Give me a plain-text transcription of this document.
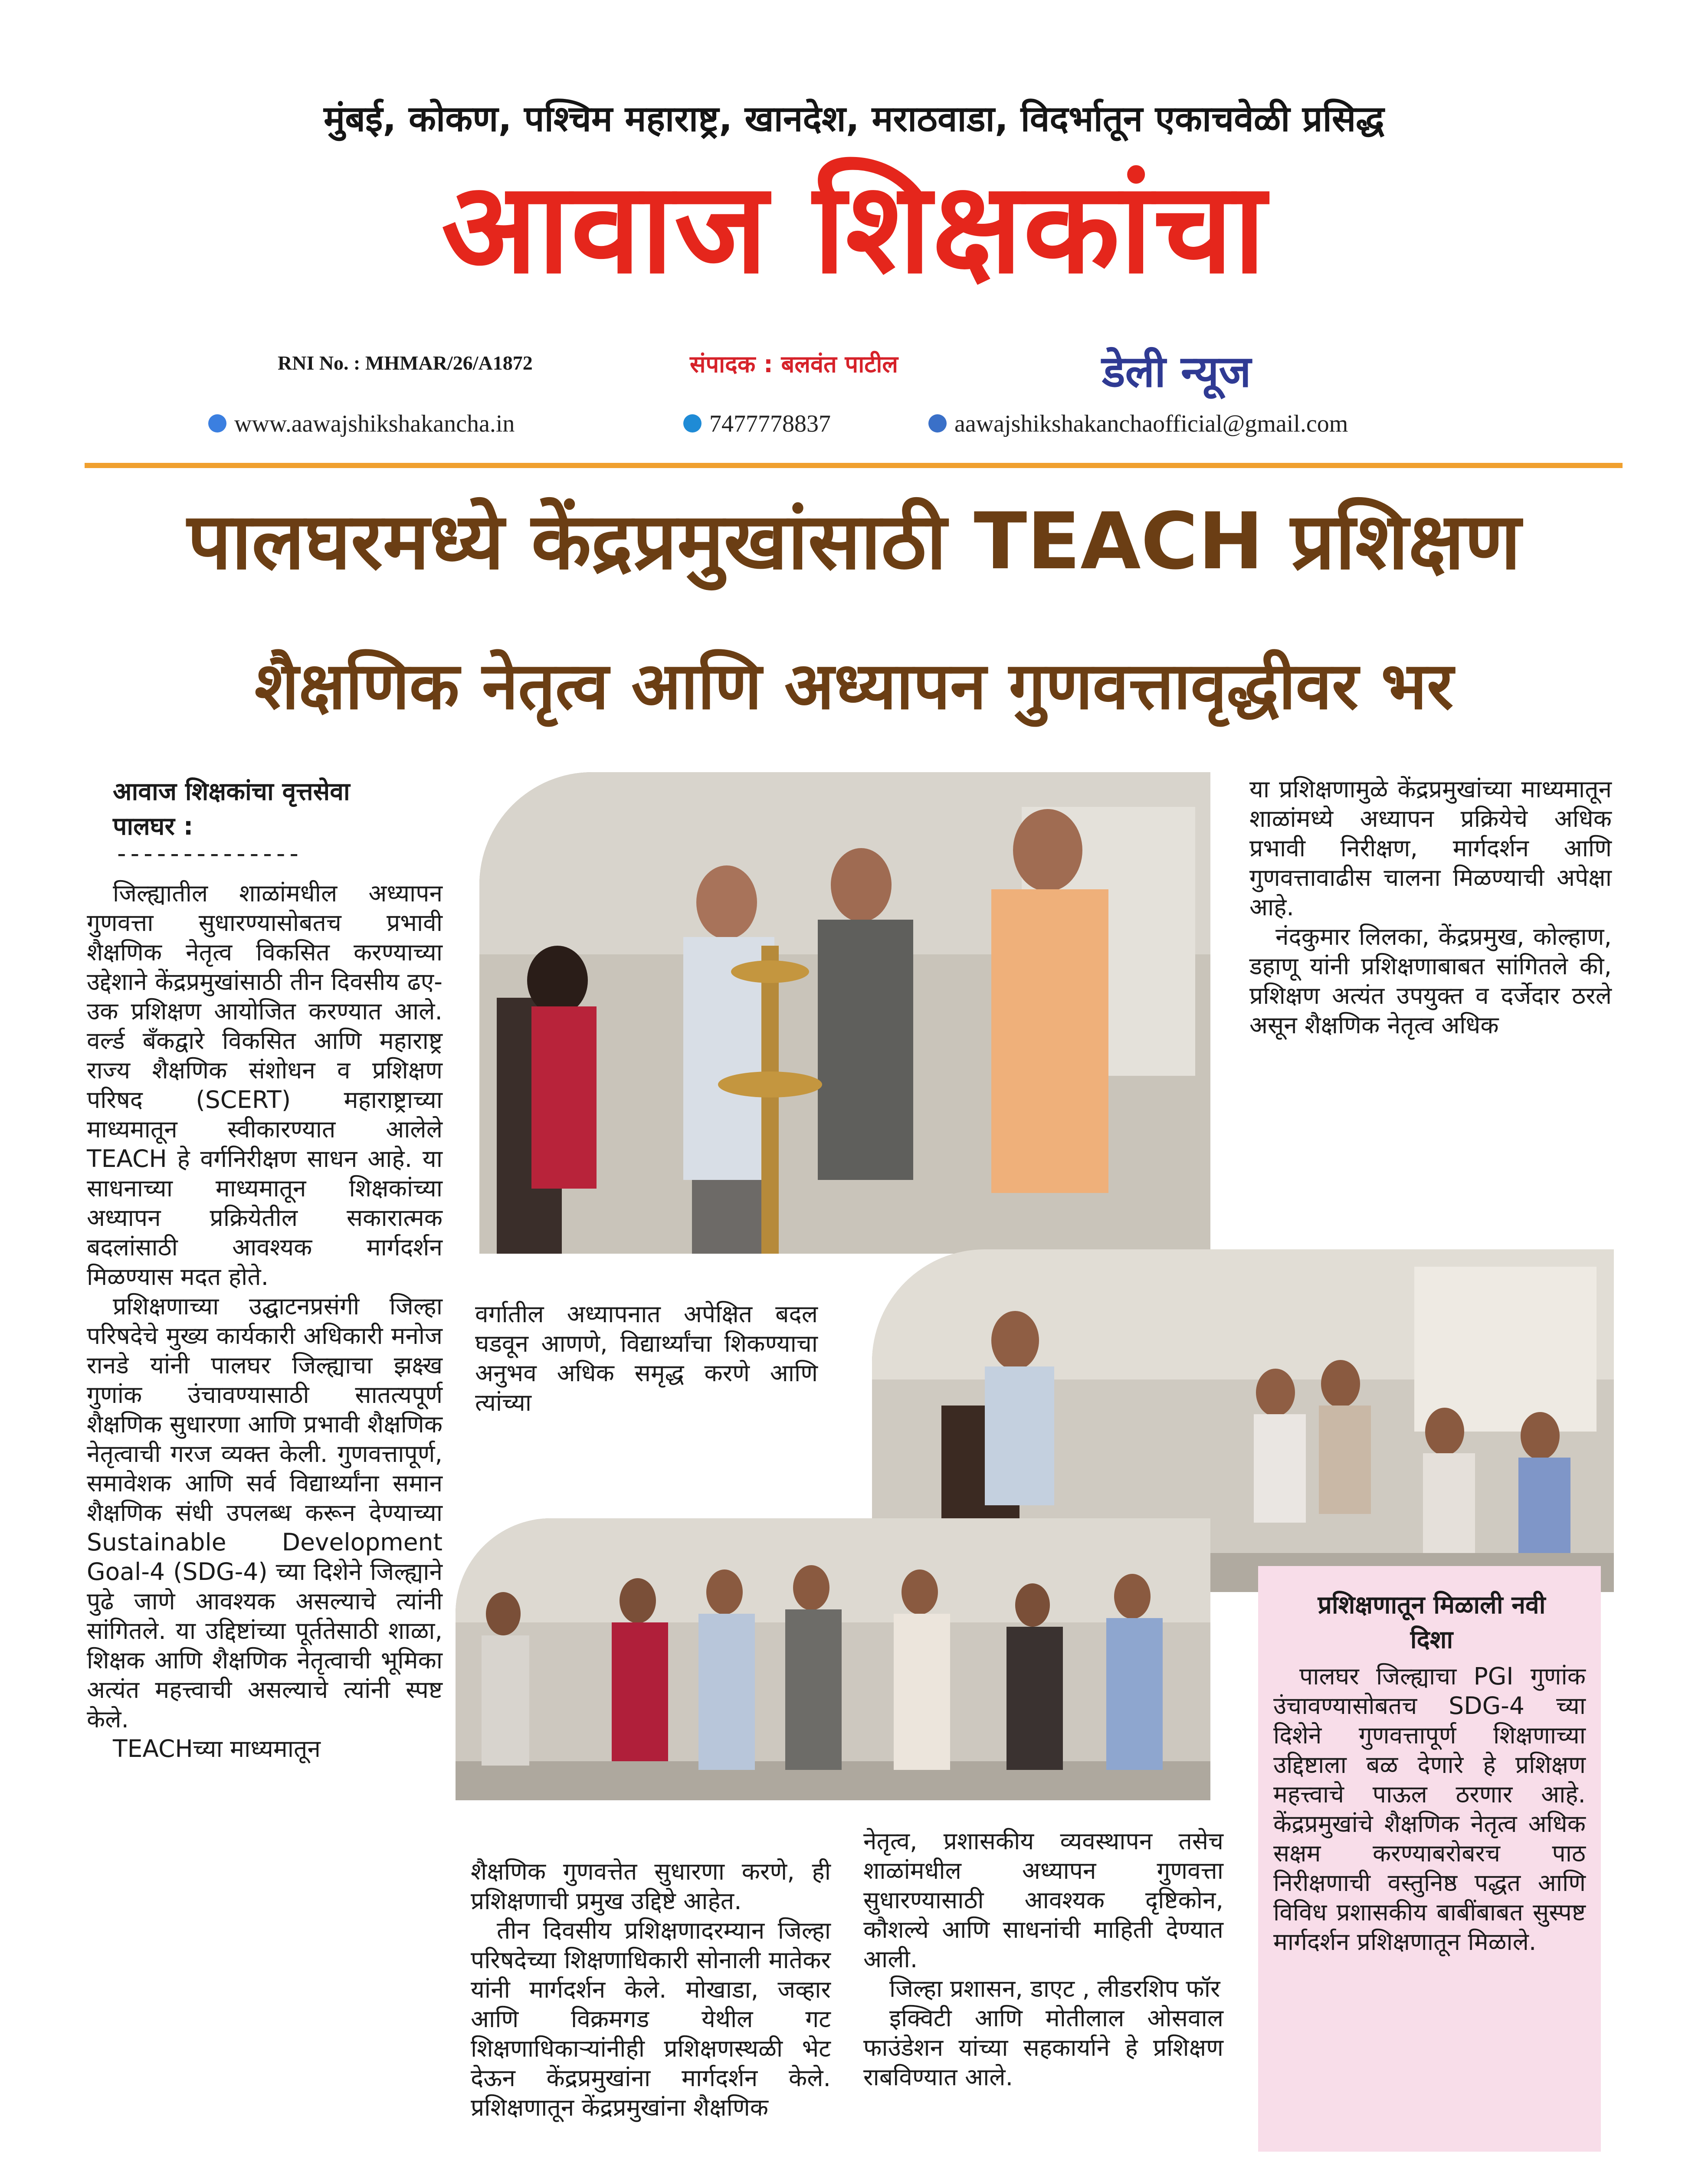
मुंबई, कोकण, पश्चिम महाराष्ट्र, खानदेश, मराठवाडा, विदर्भातून एकाचवेळी प्रसिद्ध
आवाज शिक्षकांचा
RNI No. : MHMAR/26/A1872	संपादक : बलवंत पाटील	डेली न्यूज
www.aawajshikshakancha.in	7477778837	aawajshikshakanchaofficial@gmail.com
पालघरमध्ये केंद्रप्रमुखांसाठी TEACH प्रशिक्षण
शैक्षणिक नेतृत्व आणि अध्यापन गुणवत्तावृद्धीवर भर
आवाज शिक्षकांचा वृत्तसेवा
पालघर :
--------------

जिल्ह्यातील शाळांमधील अध्यापन गुणवत्ता सुधारण्यासोबतच प्रभावी शैक्षणिक नेतृत्व विकसित करण्याच्या उद्देशाने केंद्रप्रमुखांसाठी तीन दिवसीय ढए-उक प्रशिक्षण आयोजित करण्यात आले. वर्ल्ड बँकद्वारे विकसित आणि महाराष्ट्र राज्य शैक्षणिक संशोधन व प्रशिक्षण परिषद (SCERT) महाराष्ट्राच्या माध्यमातून स्वीकारण्यात आलेले TEACH हे वर्गनिरीक्षण साधन आहे. या साधनाच्या माध्यमातून शिक्षकांच्या अध्यापन प्रक्रियेतील सकारात्मक बदलांसाठी आवश्यक मार्गदर्शन मिळण्यास मदत होते.

प्रशिक्षणाच्या उद्घाटनप्रसंगी जिल्हा परिषदेचे मुख्य कार्यकारी अधिकारी मनोज रानडे यांनी पालघर जिल्ह्याचा झक्ष्ख गुणांक उंचावण्यासाठी सातत्यपूर्ण शैक्षणिक सुधारणा आणि प्रभावी शैक्षणिक नेतृत्वाची गरज व्यक्त केली. गुणवत्तापूर्ण, समावेशक आणि सर्व विद्यार्थ्यांना समान शैक्षणिक संधी उपलब्ध करून देण्याच्या Sustainable Development Goal-4 (SDG-4) च्या दिशेने जिल्ह्याने पुढे जाणे आवश्यक असल्याचे त्यांनी सांगितले. या उद्दिष्टांच्या पूर्ततेसाठी शाळा, शिक्षक आणि शैक्षणिक नेतृत्वाची भूमिका अत्यंत महत्त्वाची असल्याचे त्यांनी स्पष्ट केले.

TEACHच्या माध्यमातून

या प्रशिक्षणामुळे केंद्रप्रमुखांच्या माध्यमातून शाळांमध्ये अध्यापन प्रक्रियेचे अधिक प्रभावी निरीक्षण, मार्गदर्शन आणि गुणवत्तावाढीस चालना मिळण्याची अपेक्षा आहे.

नंदकुमार लिलका, केंद्रप्रमुख, कोल्हाण, डहाणू यांनी प्रशिक्षणाबाबत सांगितले की, प्रशिक्षण अत्यंत उपयुक्त व दर्जेदार ठरले असून शैक्षणिक नेतृत्व अधिक

वर्गातील अध्यापनात अपेक्षित बदल घडवून आणणे, विद्यार्थ्यांचा शिकण्याचा अनुभव अधिक समृद्ध करणे आणि त्यांच्या

शैक्षणिक गुणवत्तेत सुधारणा करणे, ही प्रशिक्षणाची प्रमुख उद्दिष्टे आहेत.

तीन दिवसीय प्रशिक्षणादरम्यान जिल्हा परिषदेच्या शिक्षणाधिकारी सोनाली मातेकर यांनी मार्गदर्शन केले. मोखाडा, जव्हार आणि विक्रमगड येथील गट शिक्षणाधिकाऱ्यांनीही प्रशिक्षणस्थळी भेट देऊन केंद्रप्रमुखांना मार्गदर्शन केले. प्रशिक्षणातून केंद्रप्रमुखांना शैक्षणिक

नेतृत्व, प्रशासकीय व्यवस्थापन तसेच शाळांमधील अध्यापन गुणवत्ता सुधारण्यासाठी आवश्यक दृष्टिकोन, कौशल्ये आणि साधनांची माहिती देण्यात आली.

जिल्हा प्रशासन, डाएट , लीडरशिप फॉर

इक्विटी आणि मोतीलाल ओसवाल फाउंडेशन यांच्या सहकार्याने हे प्रशिक्षण राबविण्यात आले.

प्रशिक्षणातून मिळाली नवी दिशा

पालघर जिल्ह्याचा PGI गुणांक उंचावण्यासोबतच SDG-4 च्या दिशेने गुणवत्तापूर्ण शिक्षणाच्या उद्दिष्टाला बळ देणारे हे प्रशिक्षण महत्त्वाचे पाऊल ठरणार आहे. केंद्रप्रमुखांचे शैक्षणिक नेतृत्व अधिक सक्षम करण्याबरोबरच पाठ निरीक्षणाची वस्तुनिष्ठ पद्धत आणि विविध प्रशासकीय बाबींबाबत सुस्पष्ट मार्गदर्शन प्रशिक्षणातून मिळाले.
